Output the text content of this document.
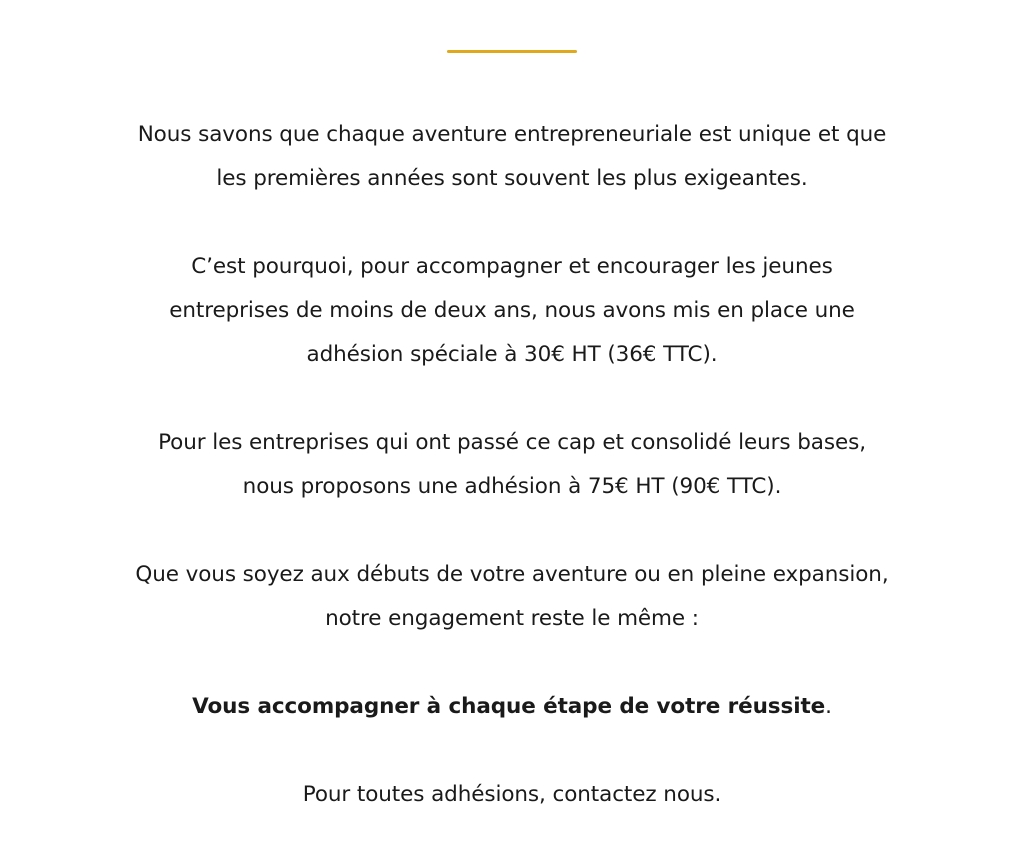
Nous savons que chaque aventure entrepreneuriale est unique et que
les premières années sont souvent les plus exigeantes.

C’est pourquoi, pour accompagner et encourager les jeunes
entreprises de moins de deux ans, nous avons mis en place une
adhésion spéciale à 30€ HT (36€ TTC).

Pour les entreprises qui ont passé ce cap et consolidé leurs bases,
nous proposons une adhésion à 75€ HT (90€ TTC).

Que vous soyez aux débuts de votre aventure ou en pleine expansion,
notre engagement reste le même :

Vous accompagner à chaque étape de votre réussite.

Pour toutes adhésions, contactez nous.
